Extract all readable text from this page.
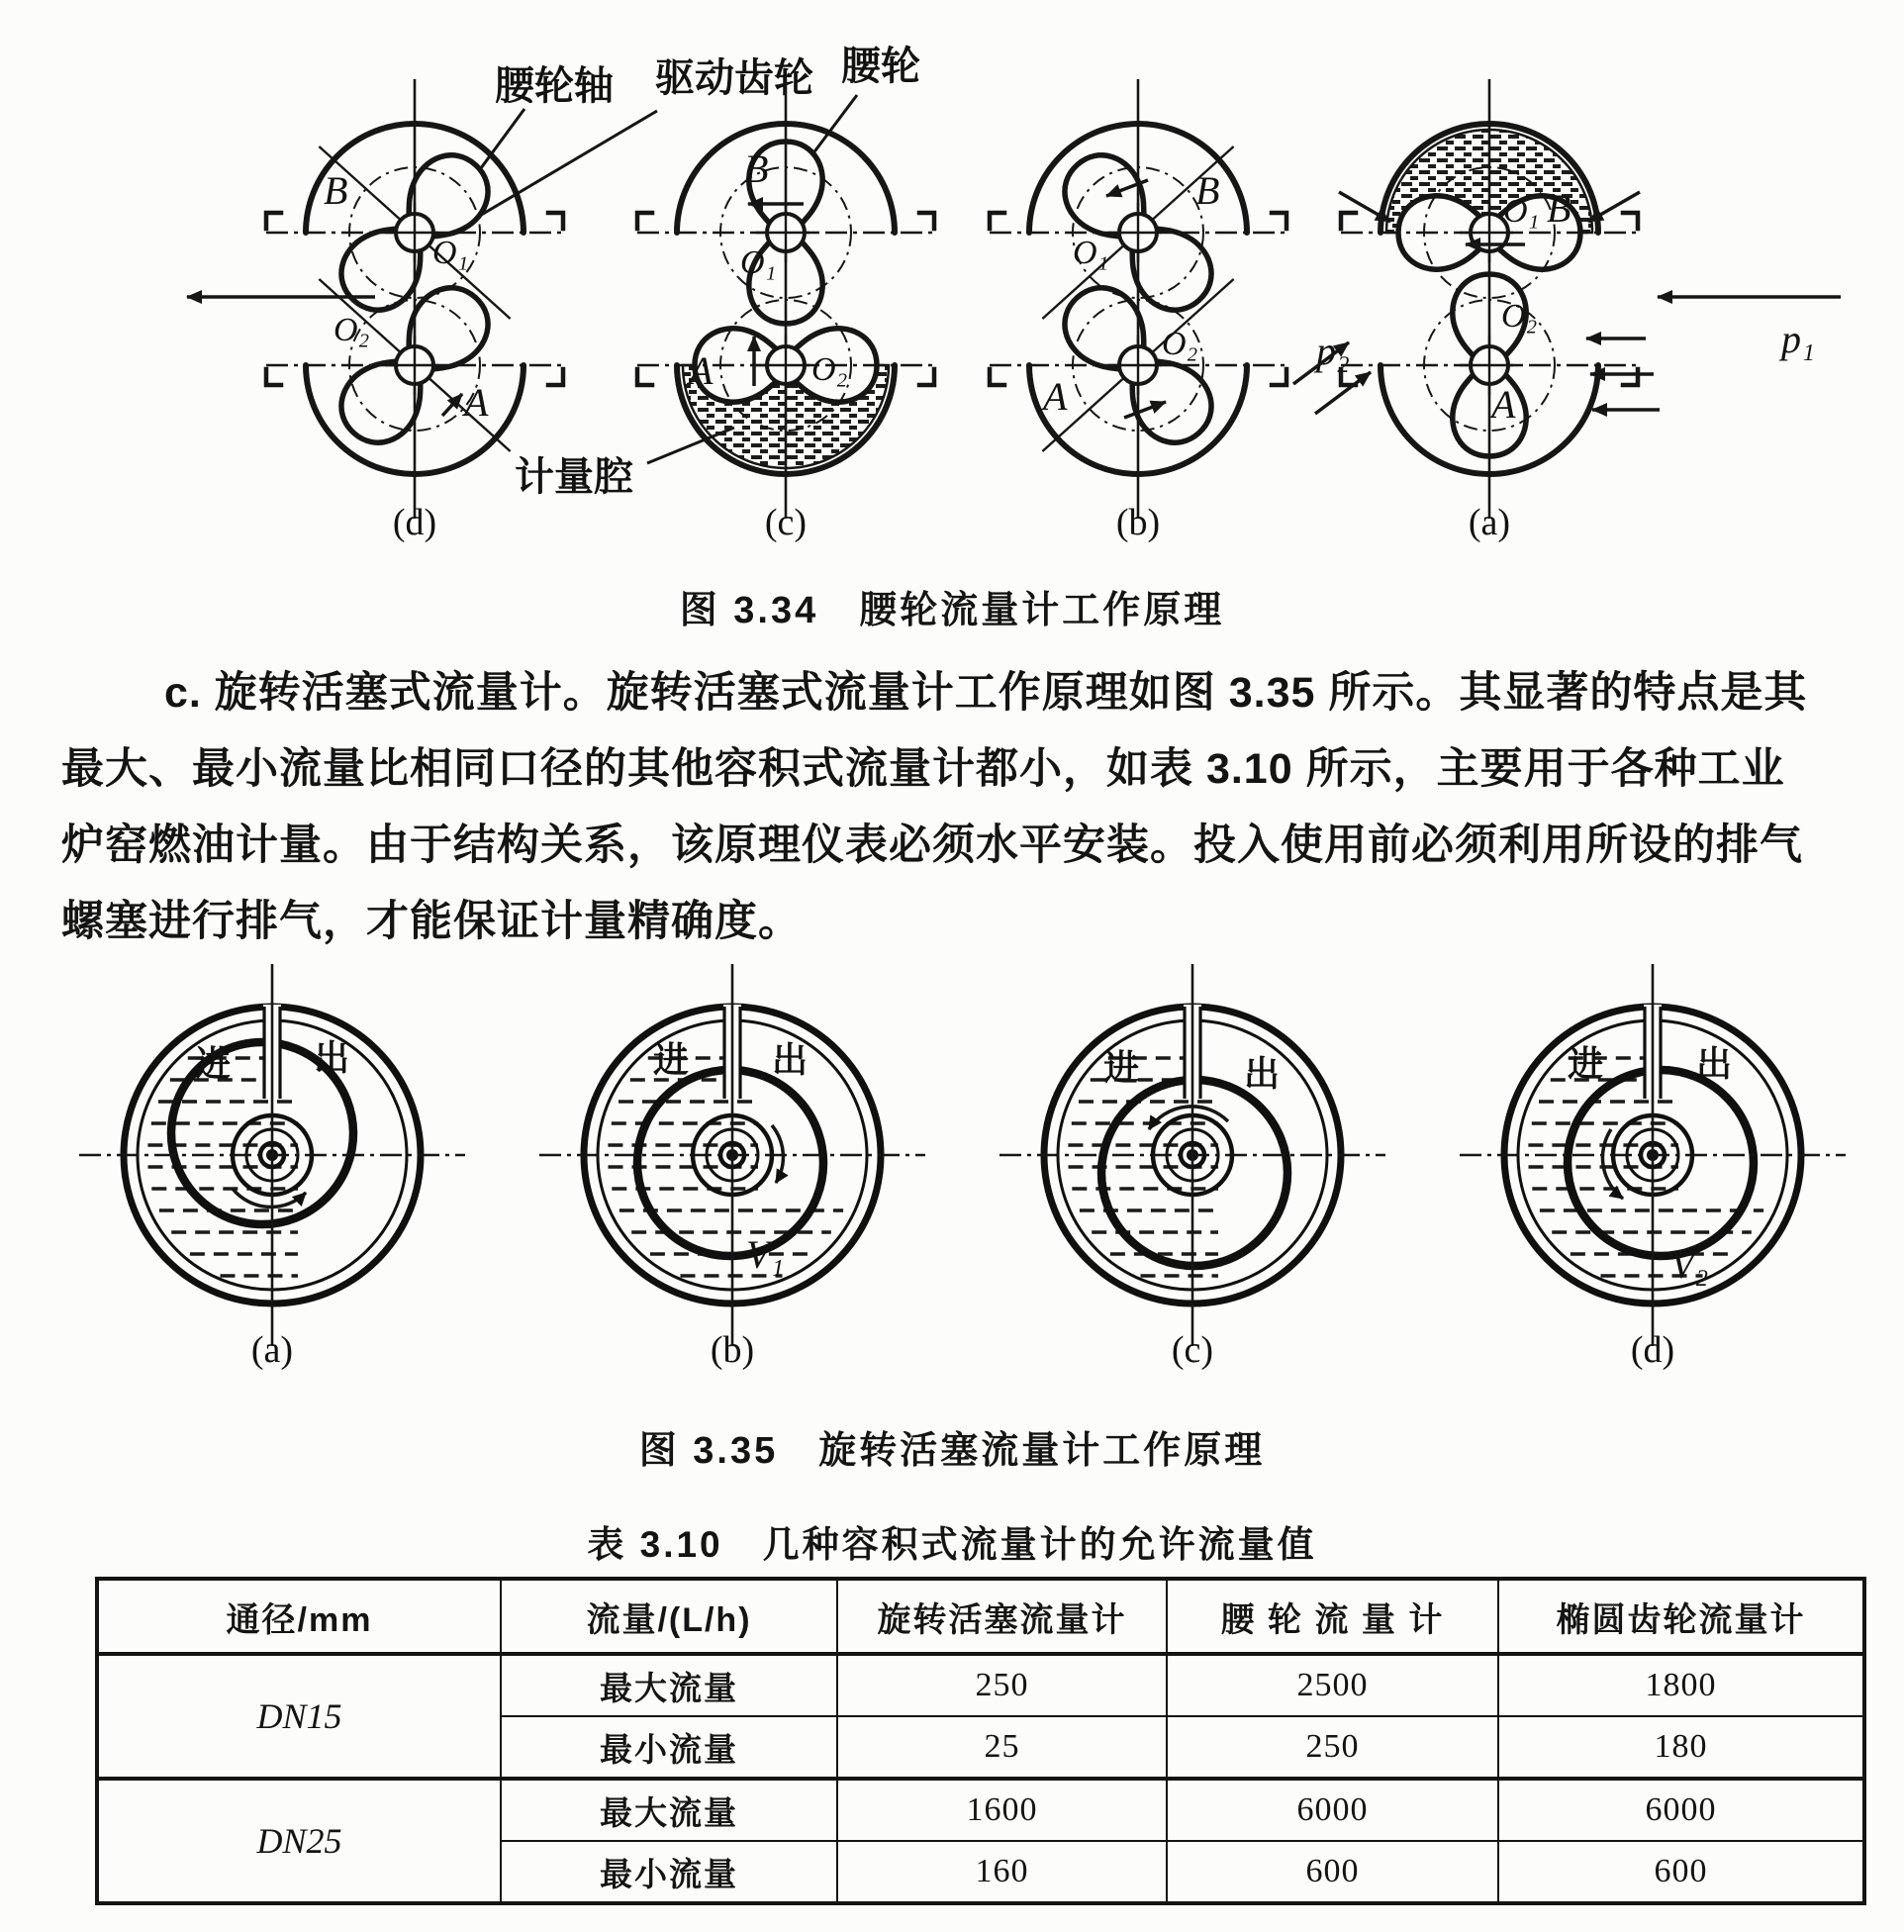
腰轮轴 驱动齿轮 腰轮
计量腔
p₂	p₁
B
O₁
O₂
A
B
O₁
O₂
A
B
O₁
O₂
A
O₁ B
O₂
A
(d)	(c)	(b)	(a)
图 3.34　腰轮流量计工作原理
c. 旋转活塞式流量计。旋转活塞式流量计工作原理如图 3.35 所示。其显著的特点是其
最大、最小流量比相同口径的其他容积式流量计都小，如表 3.10 所示，主要用于各种工业
炉窑燃油计量。由于结构关系，该原理仪表必须水平安装。投入使用前必须利用所设的排气
螺塞进行排气，才能保证计量精确度。
进 出	进 出
V₁
进	出	进	出
V₂
(a)	(b)	(c)	(d)
图 3.35　旋转活塞流量计工作原理
表 3.10　几种容积式流量计的允许流量值
通径/mm	流量/(L/h)	旋转活塞流量计	腰 轮 流 量 计	椭圆齿轮流量计
DN15	最大流量	250	2500	1800
	最小流量	25	250	180
DN25	最大流量	1600	6000	6000
	最小流量	160	600	600
